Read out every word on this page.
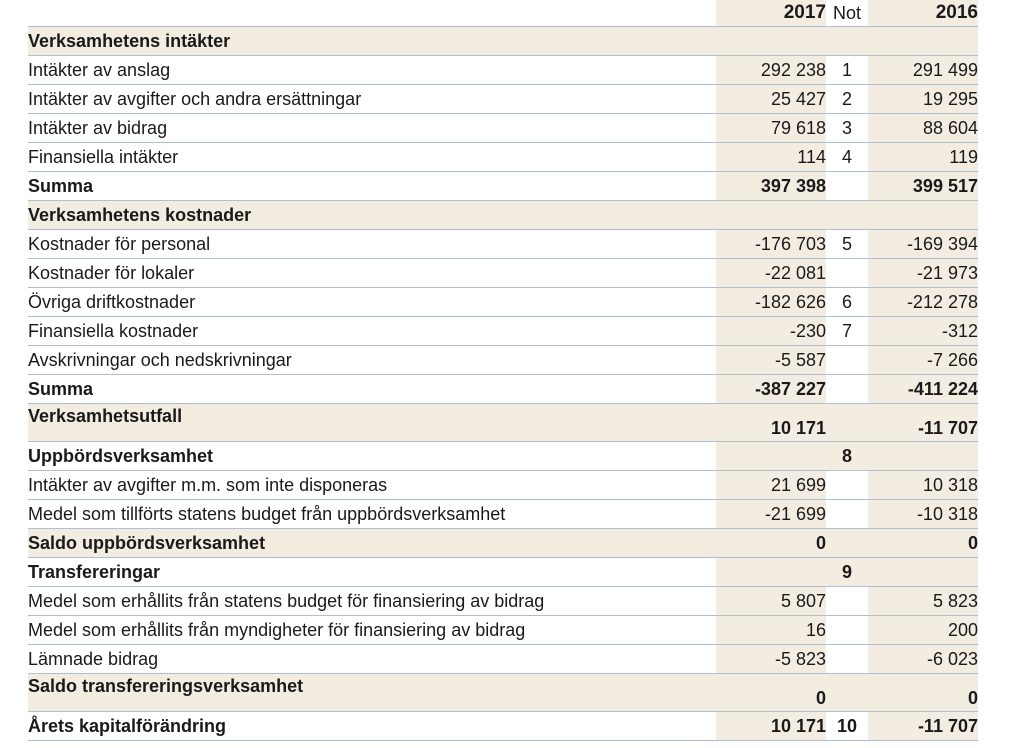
	2017	Not	2016
Verksamhetens intäkter			
Intäkter av anslag	292 238	1	291 499
Intäkter av avgifter och andra ersättningar	25 427	2	19 295
Intäkter av bidrag	79 618	3	88 604
Finansiella intäkter	114	4	119
Summa	397 398		399 517
Verksamhetens kostnader			
Kostnader för personal	-176 703	5	-169 394
Kostnader för lokaler	-22 081		-21 973
Övriga driftkostnader	-182 626	6	-212 278
Finansiella kostnader	-230	7	-312
Avskrivningar och nedskrivningar	-5 587		-7 266
Summa	-387 227		-411 224
Verksamhetsutfall	10 171		-11 707
Uppbördsverksamhet		8	
Intäkter av avgifter m.m. som inte disponeras	21 699		10 318
Medel som tillförts statens budget från uppbördsverksamhet	-21 699		-10 318
Saldo uppbördsverksamhet	0		0
Transfereringar		9	
Medel som erhållits från statens budget för finansiering av bidrag	5 807		5 823
Medel som erhållits från myndigheter för finansiering av bidrag	16		200
Lämnade bidrag	-5 823		-6 023
Saldo transfereringsverksamhet	0		0
Årets kapitalförändring	10 171	10	-11 707
